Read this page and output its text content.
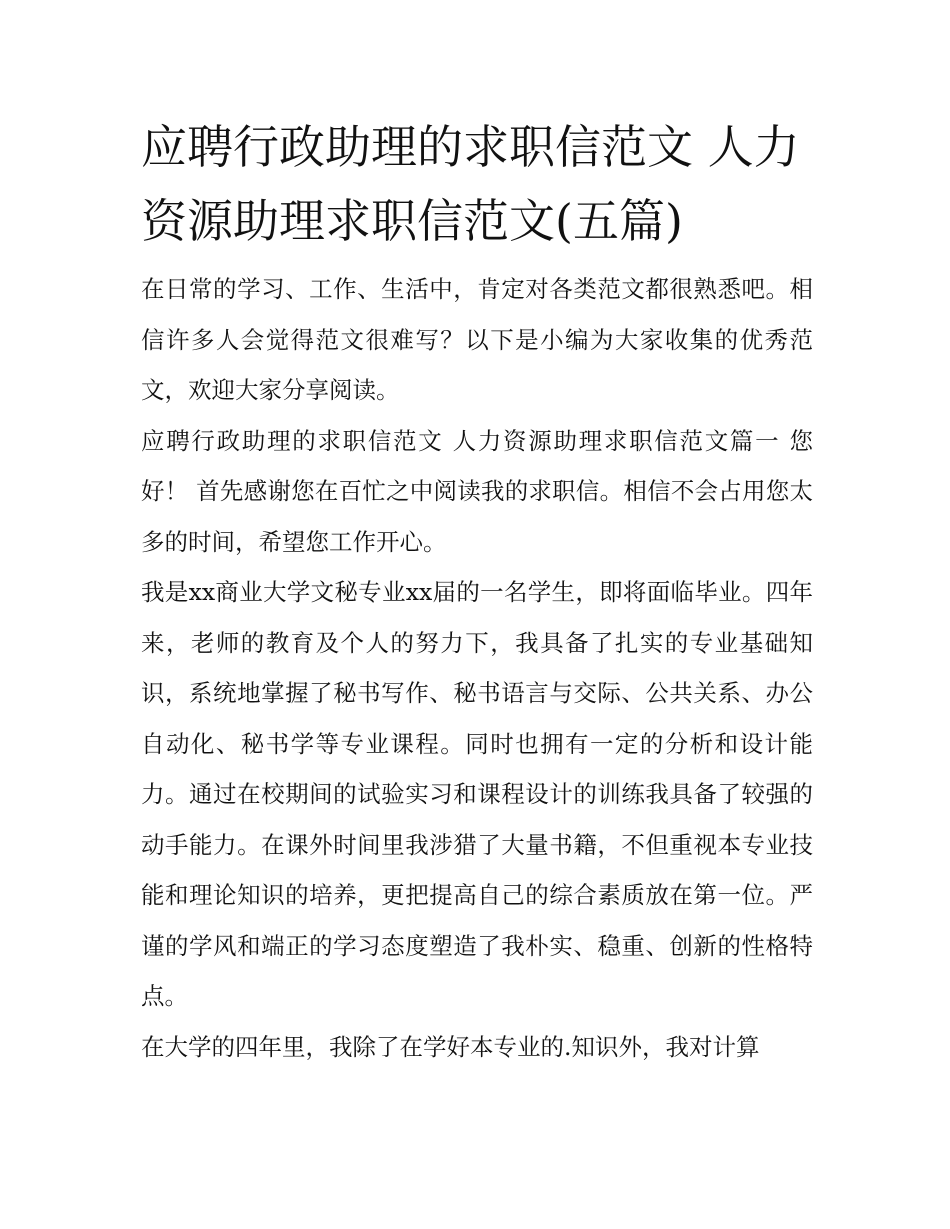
应聘行政助理的求职信范文 人力资源助理求职信范文(五篇)

在日常的学习、工作、生活中，肯定对各类范文都很熟悉吧。相信许多人会觉得范文很难写？以下是小编为大家收集的优秀范文，欢迎大家分享阅读。

应聘行政助理的求职信范文 人力资源助理求职信范文篇一 您好！ 首先感谢您在百忙之中阅读我的求职信。相信不会占用您太多的时间，希望您工作开心。

我是xx商业大学文秘专业xx届的一名学生，即将面临毕业。四年来，老师的教育及个人的努力下，我具备了扎实的专业基础知识，系统地掌握了秘书写作、秘书语言与交际、公共关系、办公自动化、秘书学等专业课程。同时也拥有一定的分析和设计能力。通过在校期间的试验实习和课程设计的训练我具备了较强的动手能力。在课外时间里我涉猎了大量书籍，不但重视本专业技能和理论知识的培养，更把提高自己的综合素质放在第一位。严谨的学风和端正的学习态度塑造了我朴实、稳重、创新的性格特点。

在大学的四年里，我除了在学好本专业的.知识外，我对计算
